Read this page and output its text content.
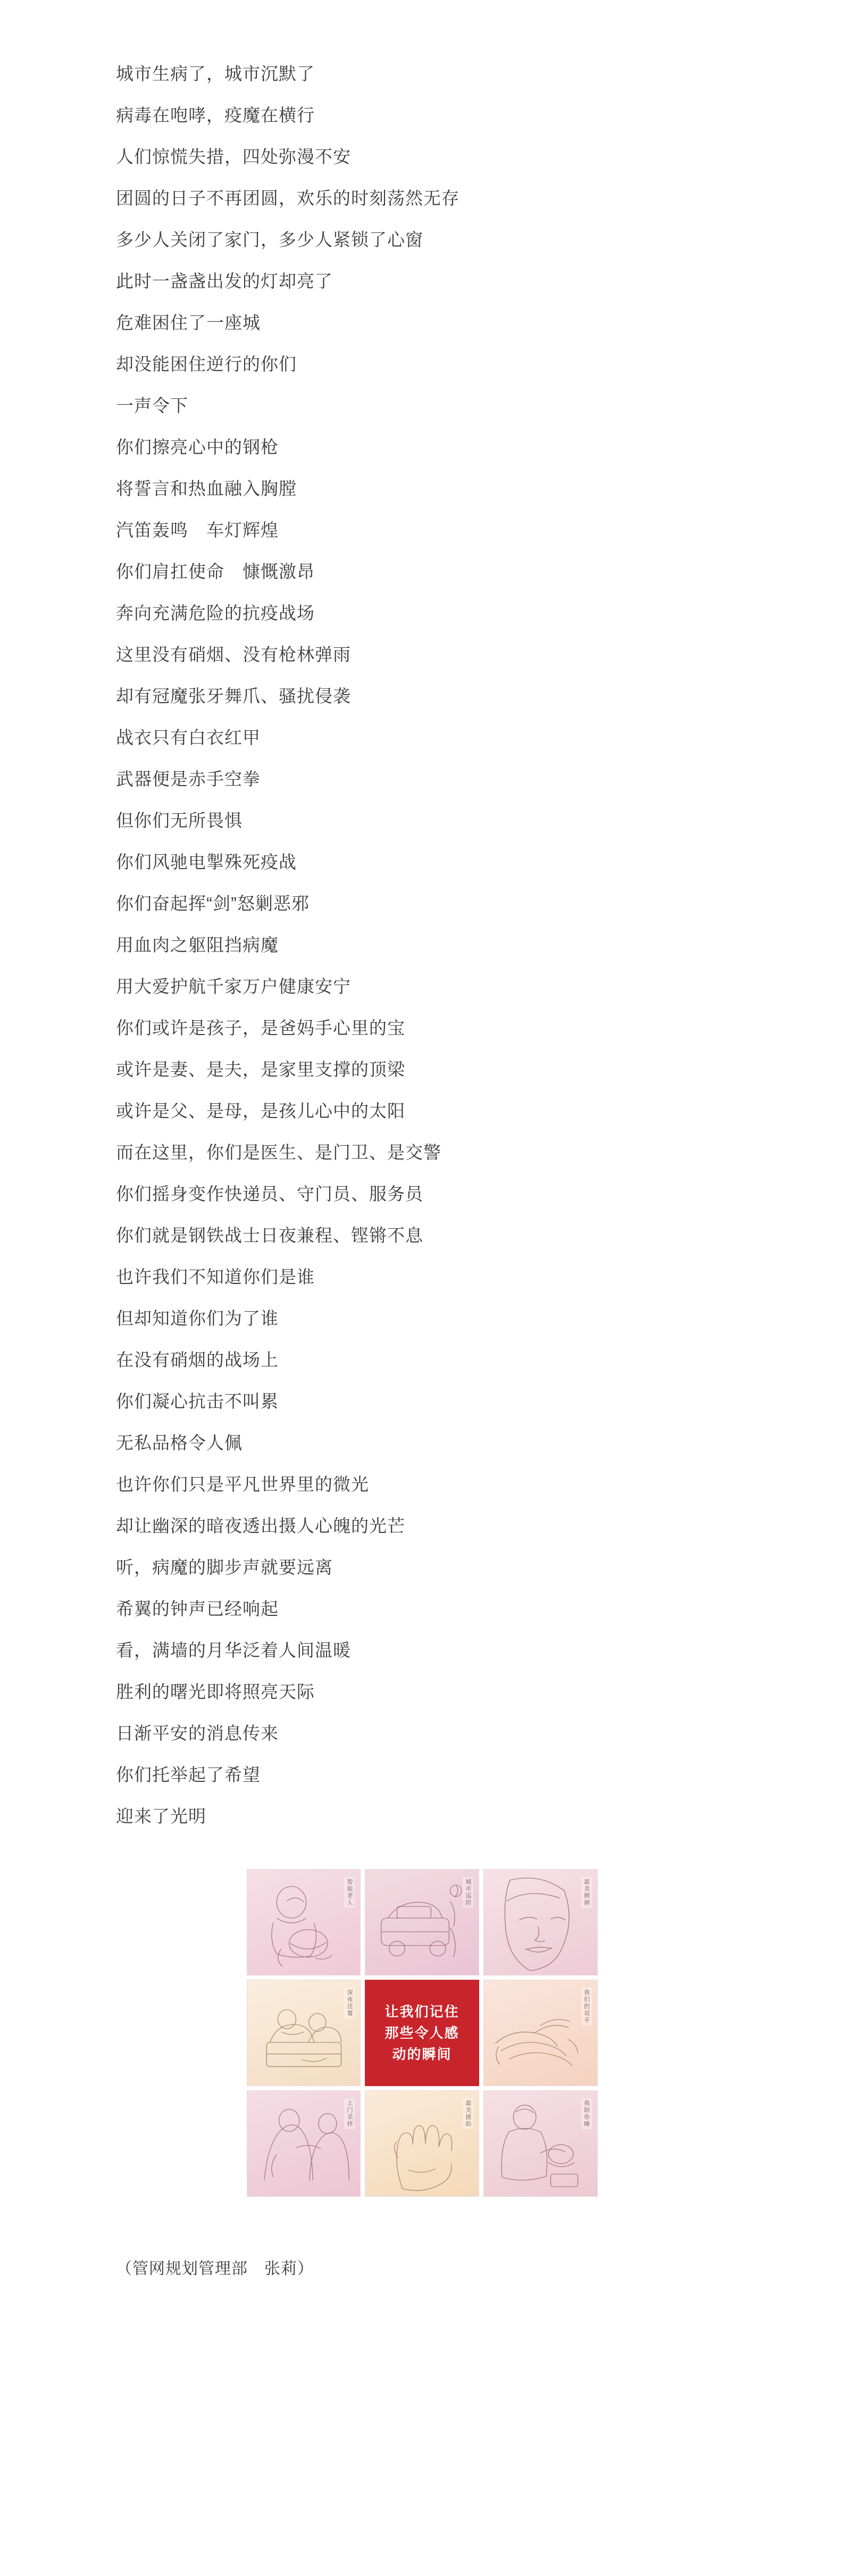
城市生病了，城市沉默了
病毒在咆哮，疫魔在横行
人们惊慌失措，四处弥漫不安
团圆的日子不再团圆，欢乐的时刻荡然无存
多少人关闭了家门，多少人紧锁了心窗
此时一盏盏出发的灯却亮了
危难困住了一座城
却没能困住逆行的你们
一声令下
你们擦亮心中的钢枪
将誓言和热血融入胸膛
汽笛轰鸣　车灯辉煌
你们肩扛使命　慷慨激昂
奔向充满危险的抗疫战场
这里没有硝烟、没有枪林弹雨
却有冠魔张牙舞爪、骚扰侵袭
战衣只有白衣红甲
武器便是赤手空拳
但你们无所畏惧
你们风驰电掣殊死疫战
你们奋起挥“剑”怒剿恶邪
用血肉之躯阻挡病魔
用大爱护航千家万户健康安宁
你们或许是孩子，是爸妈手心里的宝
或许是妻、是夫，是家里支撑的顶梁
或许是父、是母，是孩儿心中的太阳
而在这里，你们是医生、是门卫、是交警
你们摇身变作快递员、守门员、服务员
你们就是钢铁战士日夜兼程、铿锵不息
也许我们不知道你们是谁
但却知道你们为了谁
在没有硝烟的战场上
你们凝心抗击不叫累
无私品格令人佩
也许你们只是平凡世界里的微光
却让幽深的暗夜透出摄人心魄的光芒
听，病魔的脚步声就要远离
希翼的钟声已经响起
看，满墙的月华泛着人间温暖
胜利的曙光即将照亮天际
日渐平安的消息传来
你们托举起了希望
迎来了光明
智能老人	城市巡防	最美侧颜
深夜送餐 让我们记住
那些令人感
动的瞬间
我们的双手
上门采样	最美援助	我陪你睡
（管网规划管理部　张莉）
